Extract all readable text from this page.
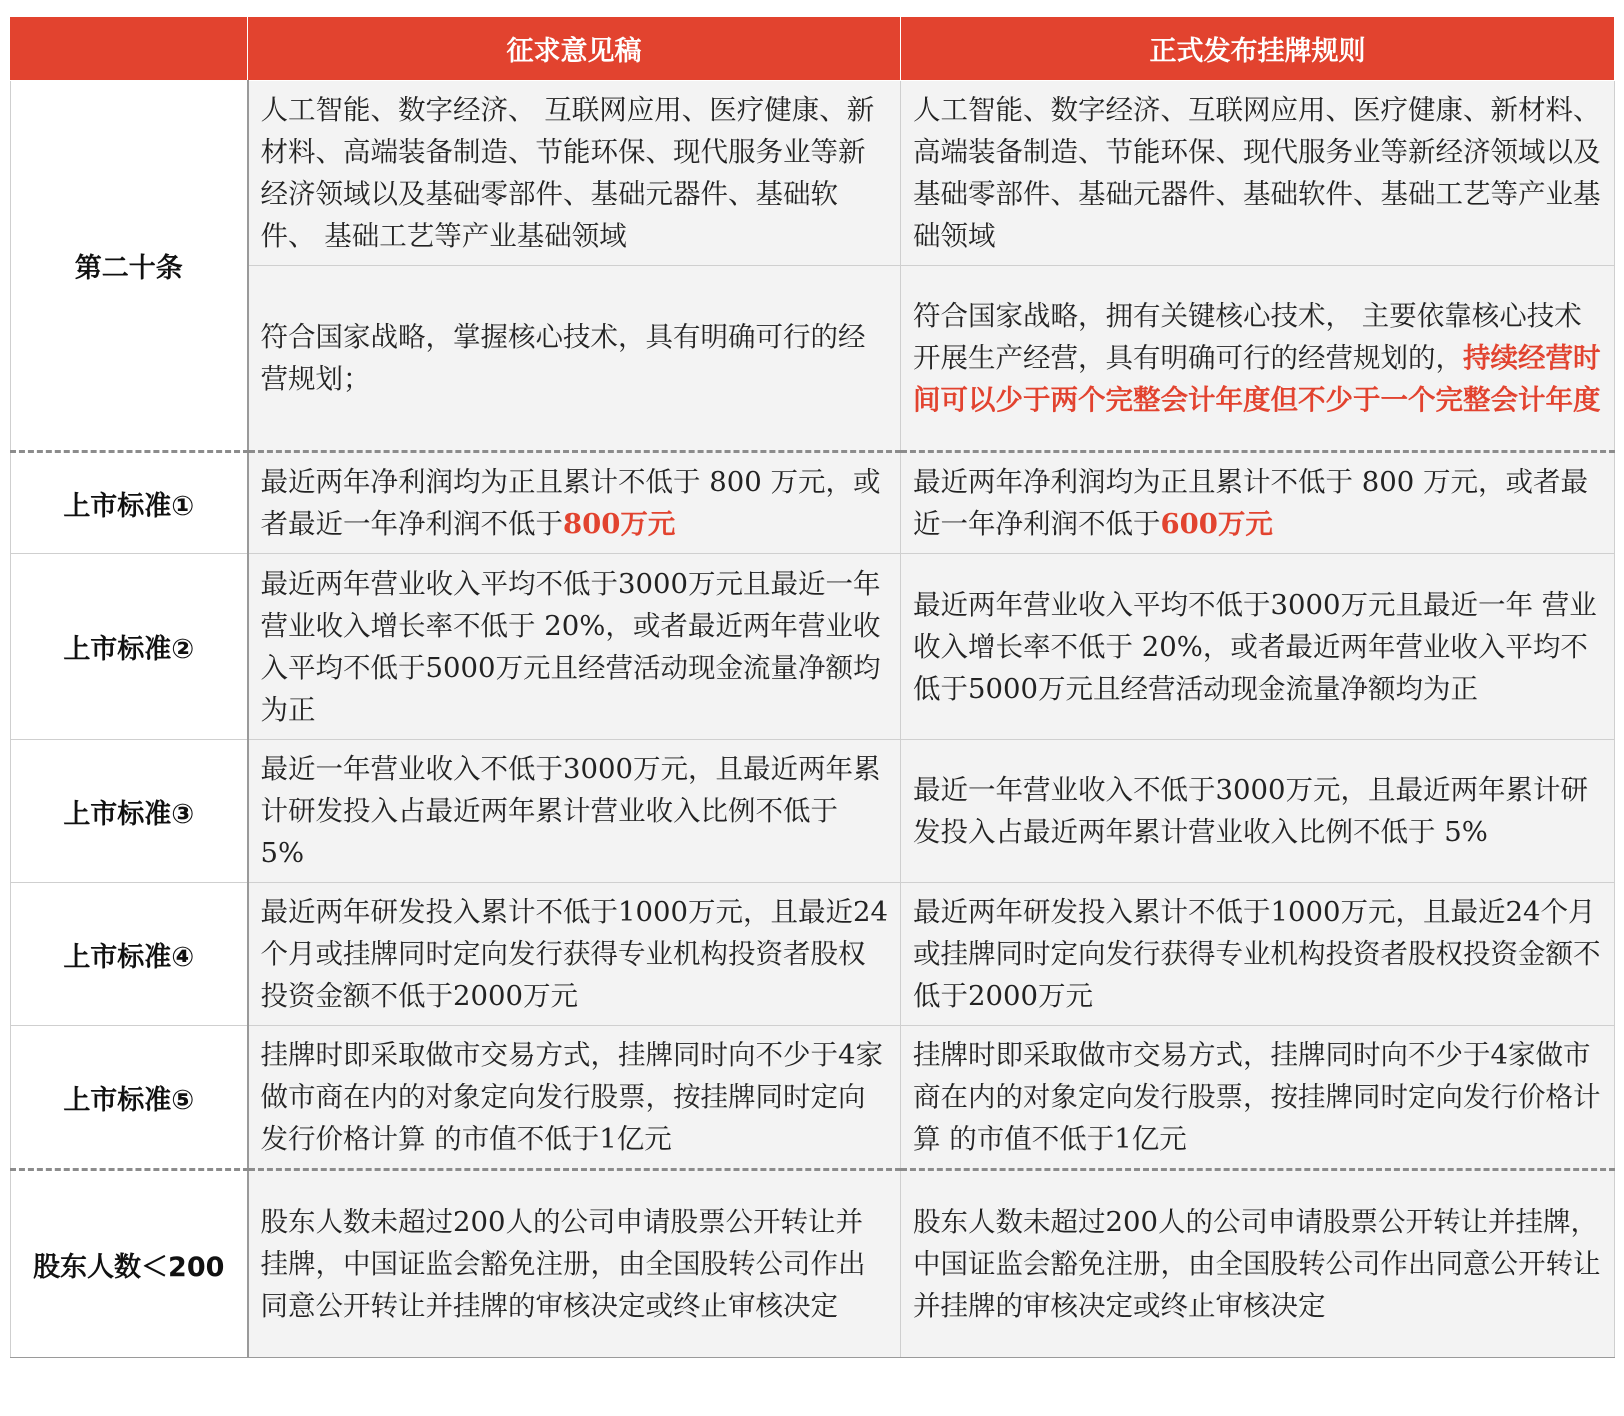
	征求意见稿	正式发布挂牌规则
第二十条	人工智能、数字经济、 互联网应用、医疗健康、新材料、高端装备制造、节能环保、现代服务业等新经济领域以及基础零部件、基础元器件、基础软件、 基础工艺等产业基础领域	人工智能、数字经济、互联网应用、医疗健康、新材料、高端装备制造、节能环保、现代服务业等新经济领域以及基础零部件、基础元器件、基础软件、基础工艺等产业基础领域
	符合国家战略，掌握核心技术，具有明确可行的经营规划；	符合国家战略，拥有关键核心技术， 主要依靠核心技术开展生产经营，具有明确可行的经营规划的，持续经营时间可以少于两个完整会计年度但不少于一个完整会计年度
上市标准①	最近两年净利润均为正且累计不低于 800 万元，或者最近一年净利润不低于800万元	最近两年净利润均为正且累计不低于 800 万元，或者最近一年净利润不低于600万元
上市标准②	最近两年营业收入平均不低于3000万元且最近一年 营业收入增长率不低于 20%，或者最近两年营业收入平均不低于5000万元且经营活动现金流量净额均为正	最近两年营业收入平均不低于3000万元且最近一年 营业收入增长率不低于 20%，或者最近两年营业收入平均不低于5000万元且经营活动现金流量净额均为正
上市标准③	最近一年营业收入不低于3000万元，且最近两年累计研发投入占最近两年累计营业收入比例不低于 5%	最近一年营业收入不低于3000万元，且最近两年累计研发投入占最近两年累计营业收入比例不低于 5%
上市标准④	最近两年研发投入累计不低于1000万元，且最近24个月或挂牌同时定向发行获得专业机构投资者股权投资金额不低于2000万元	最近两年研发投入累计不低于1000万元，且最近24个月或挂牌同时定向发行获得专业机构投资者股权投资金额不低于2000万元
上市标准⑤	挂牌时即采取做市交易方式，挂牌同时向不少于4家做市商在内的对象定向发行股票，按挂牌同时定向发行价格计算 的市值不低于1亿元	挂牌时即采取做市交易方式，挂牌同时向不少于4家做市商在内的对象定向发行股票，按挂牌同时定向发行价格计算 的市值不低于1亿元
股东人数＜200	股东人数未超过200人的公司申请股票公开转让并挂牌，中国证监会豁免注册，由全国股转公司作出同意公开转让并挂牌的审核决定或终止审核决定	股东人数未超过200人的公司申请股票公开转让并挂牌，中国证监会豁免注册，由全国股转公司作出同意公开转让并挂牌的审核决定或终止审核决定
